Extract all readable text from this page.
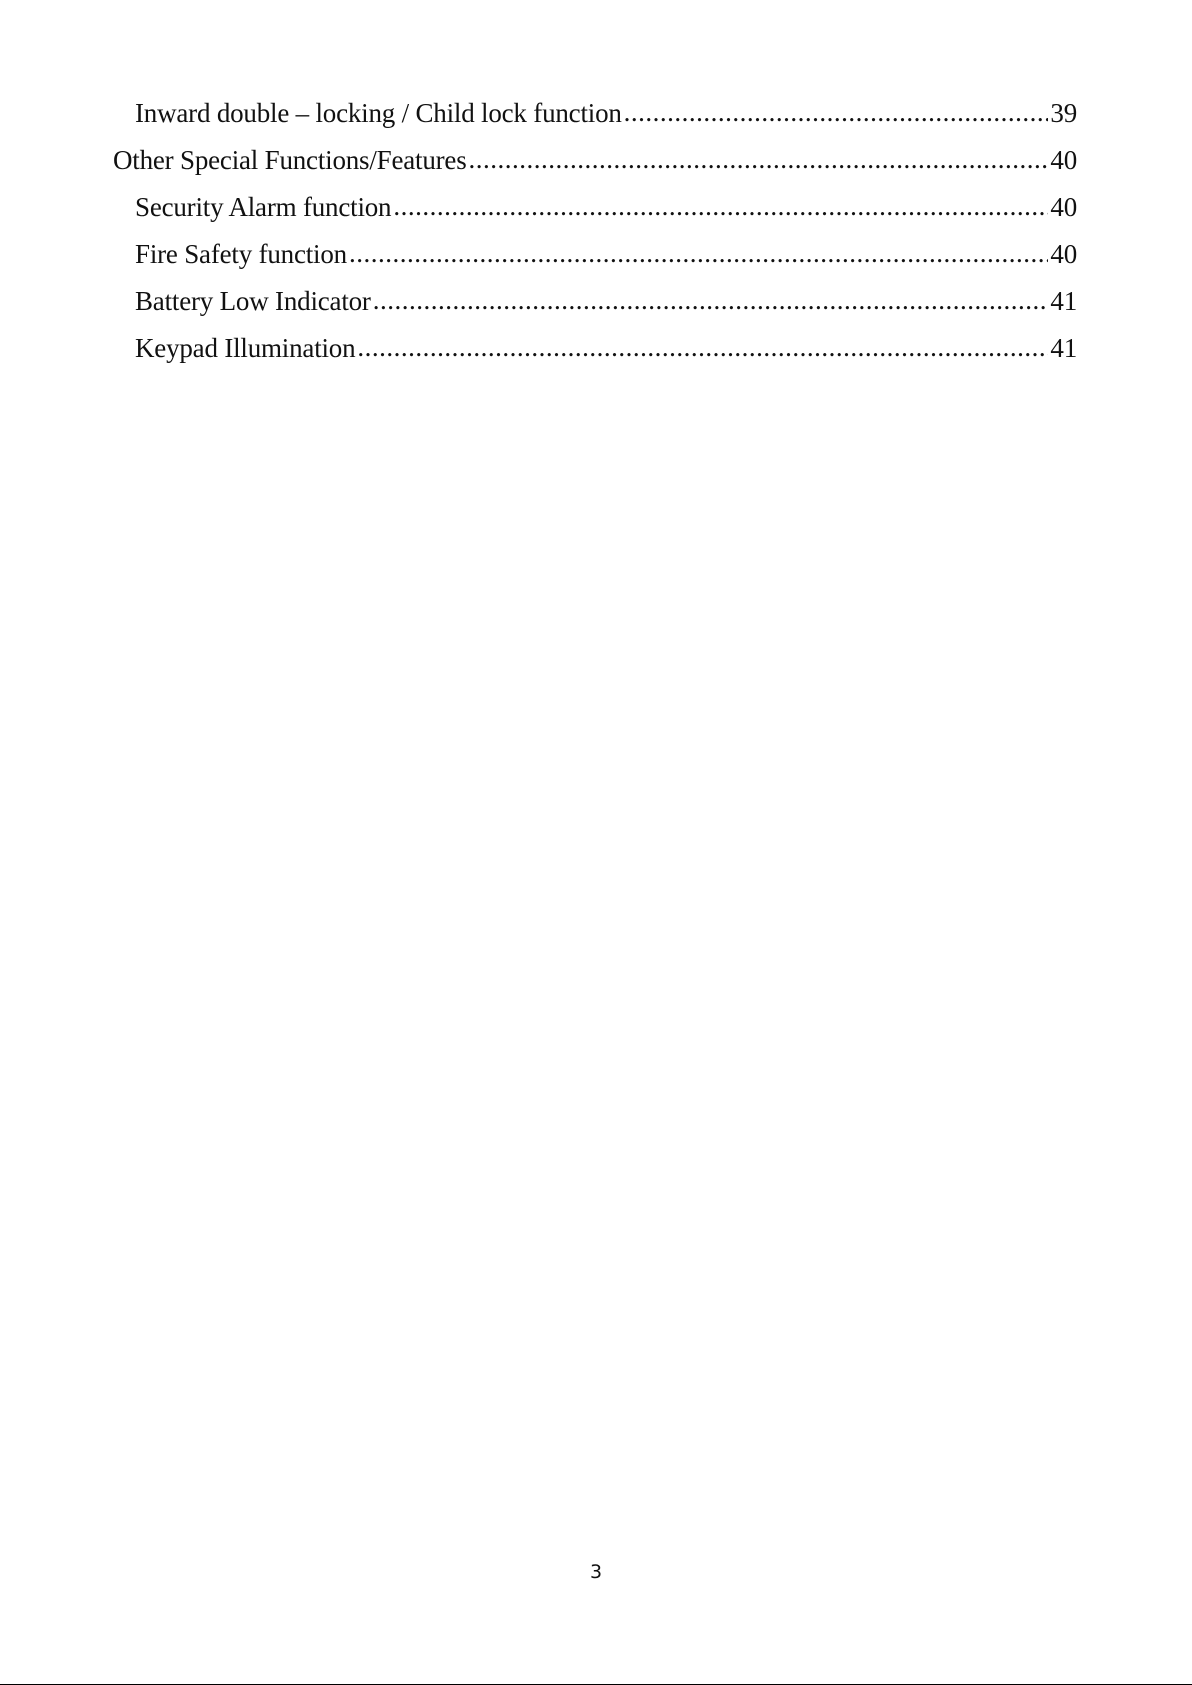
Inward double – locking / Child lock function .....	39
Other Special Functions/Features .....	40
Security Alarm function .....	40
Fire Safety function .....	40
Battery Low Indicator .....	41
Keypad Illumination .....	41
3
